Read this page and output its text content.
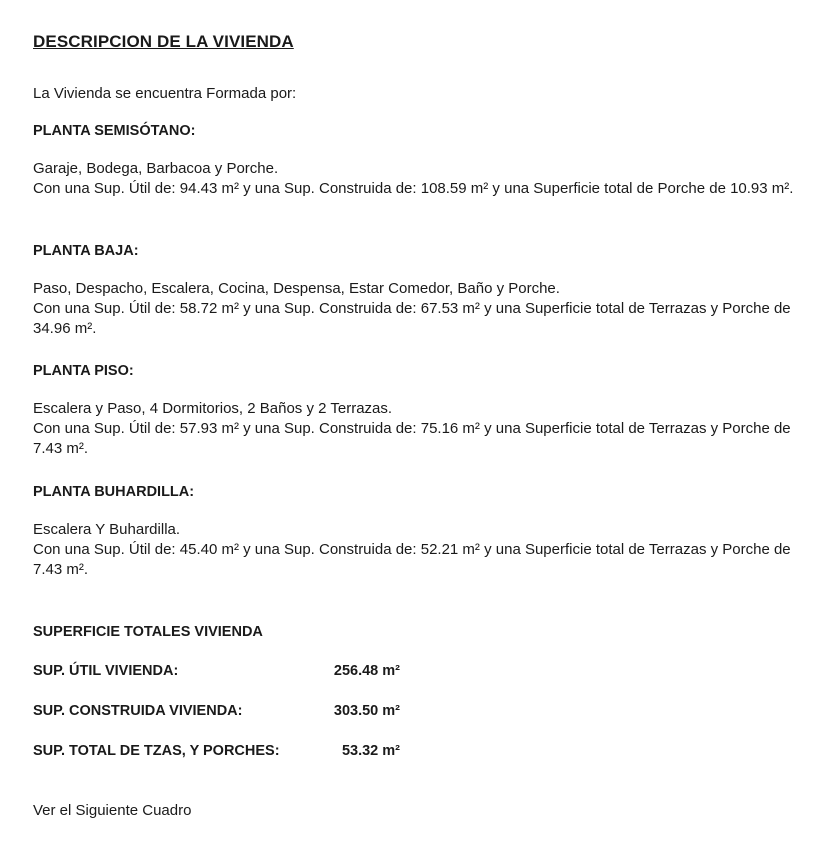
DESCRIPCION DE LA VIVIENDA
La Vivienda se encuentra Formada por:

PLANTA SEMISÓTANO:

Garaje, Bodega, Barbacoa y Porche.

Con una Sup. Útil de: 94.43 m² y una Sup. Construida de: 108.59 m² y una Superficie total de Porche de 10.93 m².

PLANTA BAJA:

Paso, Despacho, Escalera, Cocina, Despensa, Estar Comedor, Baño y Porche.

Con una Sup. Útil de: 58.72 m² y una Sup. Construida de: 67.53 m² y una Superficie total de Terrazas y Porche de 34.96 m².

PLANTA PISO:

Escalera y Paso, 4 Dormitorios, 2 Baños y 2 Terrazas.

Con una Sup. Útil de: 57.93 m² y una Sup. Construida de: 75.16 m² y una Superficie total de Terrazas y Porche de 7.43 m².

PLANTA BUHARDILLA:

Escalera Y Buhardilla.

Con una Sup. Útil de: 45.40 m² y una Sup. Construida de: 52.21 m² y una Superficie total de Terrazas y Porche de 7.43 m².

SUPERFICIE TOTALES VIVIENDA
SUP. ÚTIL VIVIENDA:	256.48 m²
SUP. CONSTRUIDA VIVIENDA:	303.50 m²
SUP. TOTAL DE TZAS, Y PORCHES:	53.32 m²
Ver el Siguiente Cuadro
